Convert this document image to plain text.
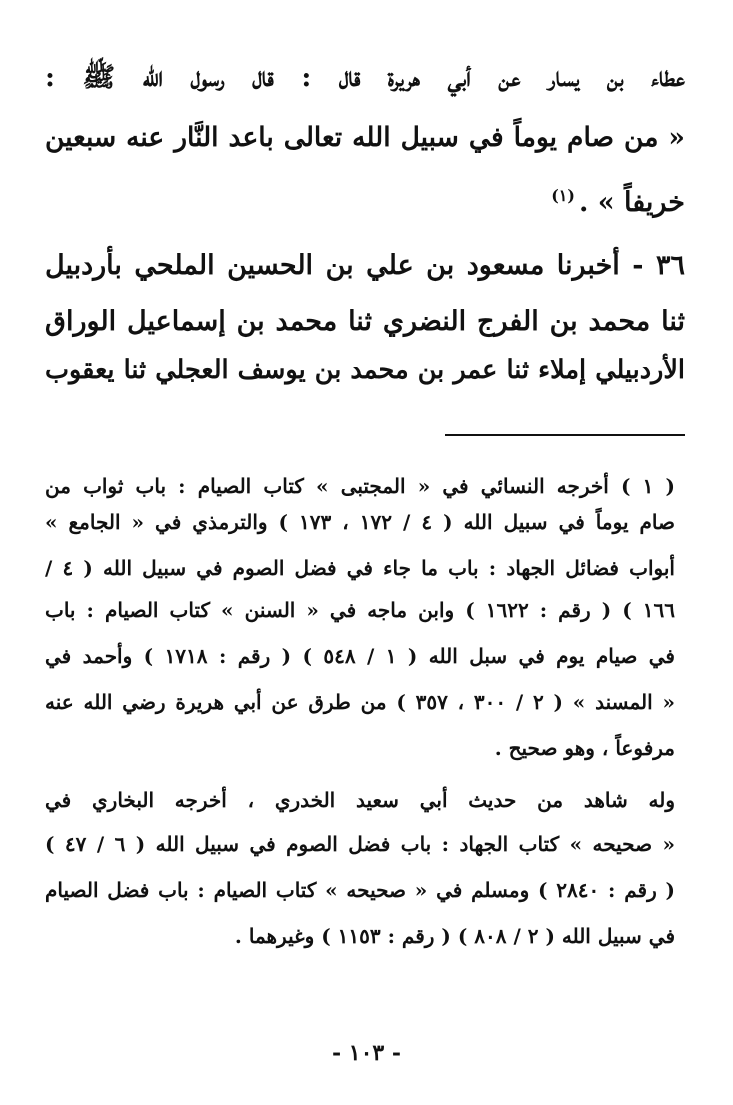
عطاء بن يسار عن أبي هريرة قال : قال رسول الله ﷺ :
« من صام يوماً في سبيل الله تعالى باعد النَّار عنه سبعين
خريفاً » .$^{(١)}$
٣٦ - أخبرنا مسعود بن علي بن الحسين الملحي بأردبيل
ثنا محمد بن الفرج النضري ثنا محمد بن إسماعيل الوراق
الأردبيلي إملاء ثنا عمر بن محمد بن يوسف العجلي ثنا يعقوب
( ١ ) أخرجه النسائي في « المجتبى » كتاب الصيام : باب ثواب من
صام يوماً في سبيل الله ( ٤ / ١٧٢ ، ١٧٣ ) والترمذي في « الجامع »
أبواب فضائل الجهاد : باب ما جاء في فضل الصوم في سبيل الله ( ٤ /
١٦٦ ) ( رقم : ١٦٢٢ ) وابن ماجه في « السنن » كتاب الصيام : باب
في صيام يوم في سبل الله ( ١ / ٥٤٨ ) ( رقم : ١٧١٨ ) وأحمد في
« المسند » ( ٢ / ٣٠٠ ، ٣٥٧ ) من طرق عن أبي هريرة رضي الله عنه
مرفوعاً ، وهو صحيح .
وله شاهد من حديث أبي سعيد الخدري ، أخرجه البخاري في
« صحيحه » كتاب الجهاد : باب فضل الصوم في سبيل الله ( ٦ / ٤٧ )
( رقم : ٢٨٤٠ ) ومسلم في « صحيحه » كتاب الصيام : باب فضل الصيام
في سبيل الله ( ٢ / ٨٠٨ ) ( رقم : ١١٥٣ ) وغيرهما .
- ١٠٣ -
